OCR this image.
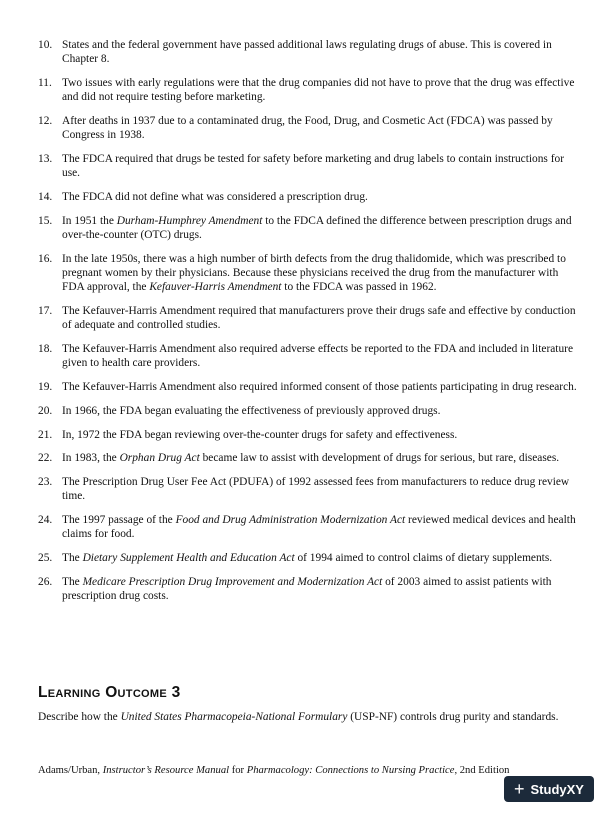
10. States and the federal government have passed additional laws regulating drugs of abuse. This is covered in Chapter 8.
11. Two issues with early regulations were that the drug companies did not have to prove that the drug was effective and did not require testing before marketing.
12. After deaths in 1937 due to a contaminated drug, the Food, Drug, and Cosmetic Act (FDCA) was passed by Congress in 1938.
13. The FDCA required that drugs be tested for safety before marketing and drug labels to contain instructions for use.
14. The FDCA did not define what was considered a prescription drug.
15. In 1951 the Durham-Humphrey Amendment to the FDCA defined the difference between prescription drugs and over-the-counter (OTC) drugs.
16. In the late 1950s, there was a high number of birth defects from the drug thalidomide, which was prescribed to pregnant women by their physicians. Because these physicians received the drug from the manufacturer with FDA approval, the Kefauver-Harris Amendment to the FDCA was passed in 1962.
17. The Kefauver-Harris Amendment required that manufacturers prove their drugs safe and effective by conduction of adequate and controlled studies.
18. The Kefauver-Harris Amendment also required adverse effects be reported to the FDA and included in literature given to health care providers.
19. The Kefauver-Harris Amendment also required informed consent of those patients participating in drug research.
20. In 1966, the FDA began evaluating the effectiveness of previously approved drugs.
21. In, 1972 the FDA began reviewing over-the-counter drugs for safety and effectiveness.
22. In 1983, the Orphan Drug Act became law to assist with development of drugs for serious, but rare, diseases.
23. The Prescription Drug User Fee Act (PDUFA) of 1992 assessed fees from manufacturers to reduce drug review time.
24. The 1997 passage of the Food and Drug Administration Modernization Act reviewed medical devices and health claims for food.
25. The Dietary Supplement Health and Education Act of 1994 aimed to control claims of dietary supplements.
26. The Medicare Prescription Drug Improvement and Modernization Act of 2003 aimed to assist patients with prescription drug costs.
Learning Outcome 3

Describe how the United States Pharmacopeia-National Formulary (USP-NF) controls drug purity and standards.

Adams/Urban, Instructor’s Resource Manual for Pharmacology: Connections to Nursing Practice, 2nd Edition
+ StudyXY
